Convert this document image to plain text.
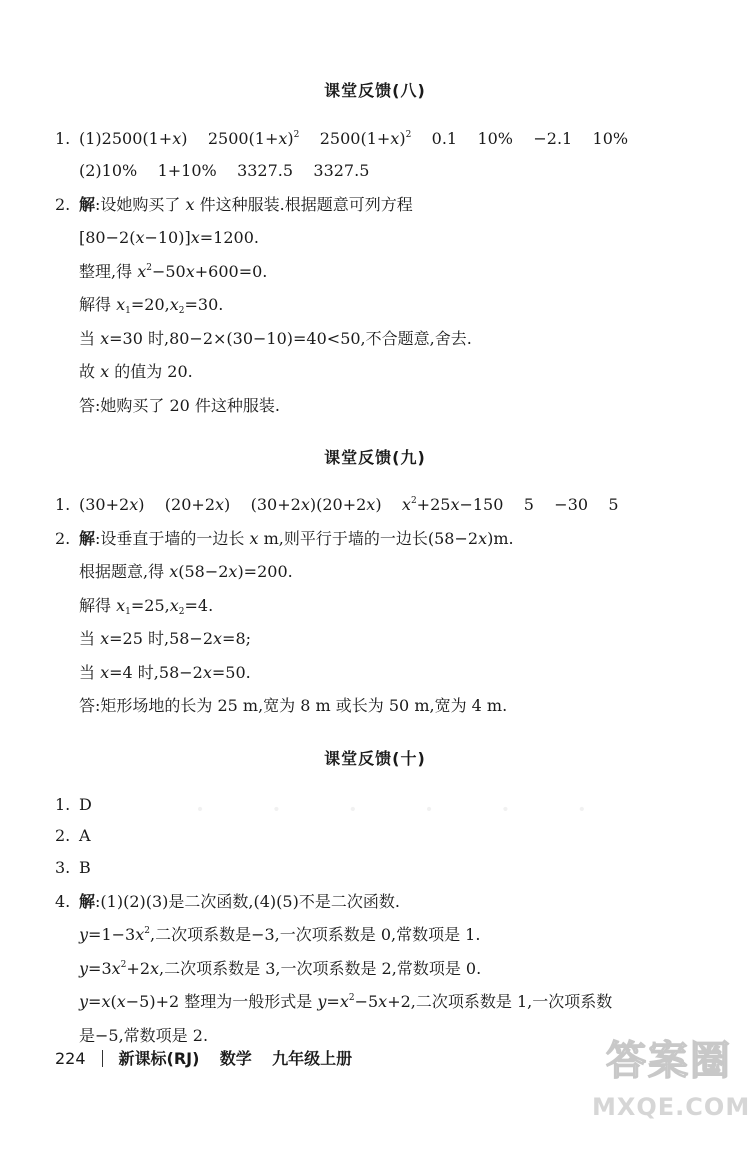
课堂反馈(八)
1. (1)2500(1+x)    $2500(1+x)^2$    $2500(1+x)^2$    0.1    10%    −2.1    10%
(2)10%    1+10%    3327.5    3327.5
2. 解:设她购买了 x 件这种服装.根据题意可列方程
[80−2(x−10)]x=1200.
整理,得 $x^2-50x+600=0$.
解得 $x_1=20,x_2=30$.
当 x=30 时,80−2×(30−10)=40<50,不合题意,舍去.
故 x 的值为 20.
答:她购买了 20 件这种服装.
课堂反馈(九)
1. (30+2x)    (20+2x)    (30+2x)(20+2x)    $x^2+25x-150$    5    −30    5
2. 解:设垂直于墙的一边长 x m,则平行于墙的一边长(58−2x)m.
根据题意,得 x(58−2x)=200.
解得 $x_1=25,x_2=4$.
当 x=25 时,58−2x=8;
当 x=4 时,58−2x=50.
答:矩形场地的长为 25 m,宽为 8 m 或长为 50 m,宽为 4 m.
课堂反馈(十)
1. D
2. A
3. B
4. 解:(1)(2)(3)是二次函数,(4)(5)不是二次函数.
$y=1-3x^2$,二次项系数是−3,一次项系数是 0,常数项是 1.
$y=3x^2+2x$,二次项系数是 3,一次项系数是 2,常数项是 0.
y=x(x−5)+2 整理为一般形式是 $y=x^2-5x+2$,二次项系数是 1,一次项系数
是−5,常数项是 2.
· · · · · ·
224 新课标(RJ) 数学 九年级上册	答案圈
MXQE.COM
